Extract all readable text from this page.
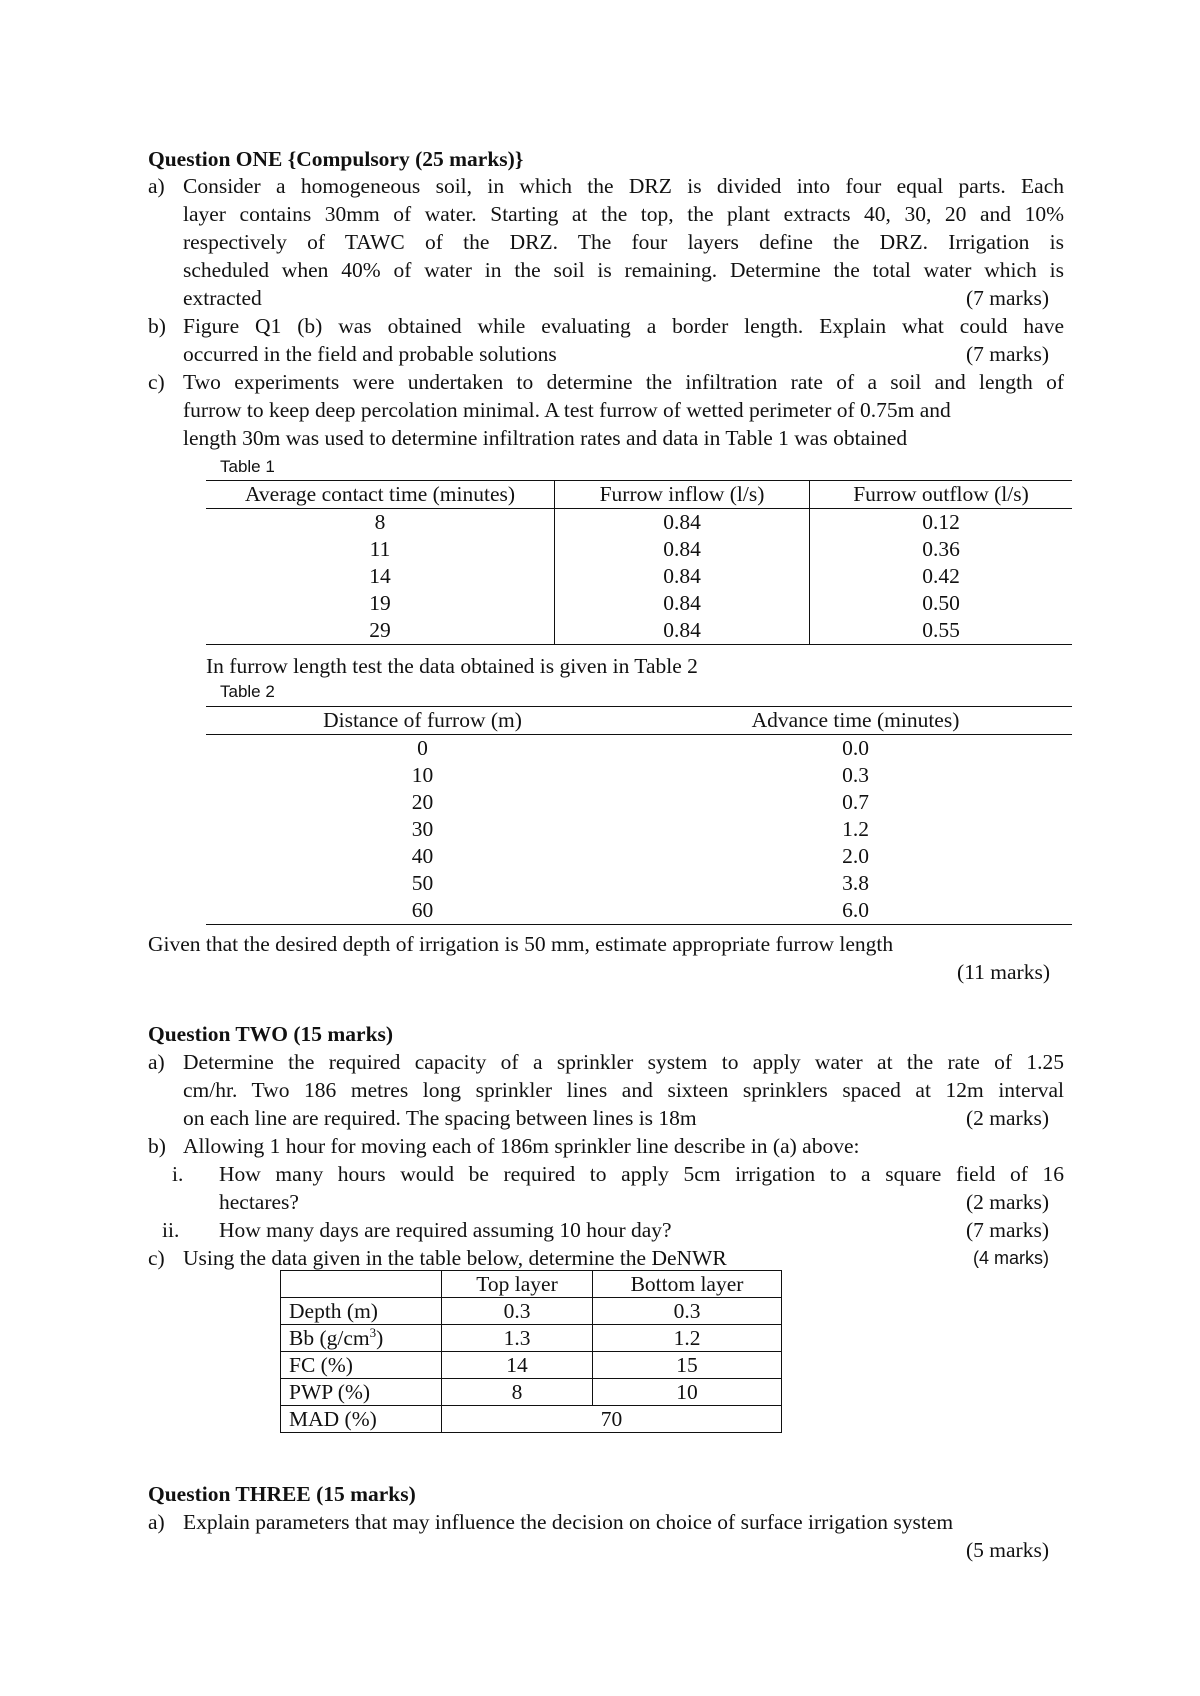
Question ONE {Compulsory (25 marks)}
a) Consider a homogeneous soil, in which the DRZ is divided into four equal parts. Each
layer contains 30mm of water. Starting at the top, the plant extracts 40, 30, 20 and 10%
respectively of TAWC of the DRZ. The four layers define the DRZ. Irrigation is
scheduled when 40% of water in the soil is remaining. Determine the total water which is
extracted	(7 marks)
b) Figure Q1 (b) was obtained while evaluating a border length. Explain what could have
occurred in the field and probable solutions	(7 marks)
c) Two experiments were undertaken to determine the infiltration rate of a soil and length of
furrow to keep deep percolation minimal. A test furrow of wetted perimeter of 0.75m and
length 30m was used to determine infiltration rates and data in Table 1 was obtained
Table 1
Average contact time (minutes)	Furrow inflow (l/s)	Furrow outflow (l/s)
8	0.84	0.12
11	0.84	0.36
14	0.84	0.42
19	0.84	0.50
29	0.84	0.55
In furrow length test the data obtained is given in Table 2
Table 2
Distance of furrow (m)	Advance time (minutes)
0	0.0
10	0.3
20	0.7
30	1.2
40	2.0
50	3.8
60	6.0
Given that the desired depth of irrigation is 50 mm, estimate appropriate furrow length
(11 marks)
Question TWO (15 marks)
a) Determine the required capacity of a sprinkler system to apply water at the rate of 1.25
cm/hr. Two 186 metres long sprinkler lines and sixteen sprinklers spaced at 12m interval
on each line are required. The spacing between lines is 18m	(2 marks)
b) Allowing 1 hour for moving each of 186m sprinkler line describe in (a) above:
i. How many hours would be required to apply 5cm irrigation to a square field of 16
hectares?	(2 marks)
ii. How many days are required assuming 10 hour day?	(7 marks)
c) Using the data given in the table below, determine the DeNWR	(4 marks)
	Top layer	Bottom layer
Depth (m)	0.3	0.3
Bb $(g/cm^3)$	1.3	1.2
FC (%)	14	15
PWP (%)	8	10
MAD (%)	70	
Question THREE (15 marks)
a) Explain parameters that may influence the decision on choice of surface irrigation system
(5 marks)
